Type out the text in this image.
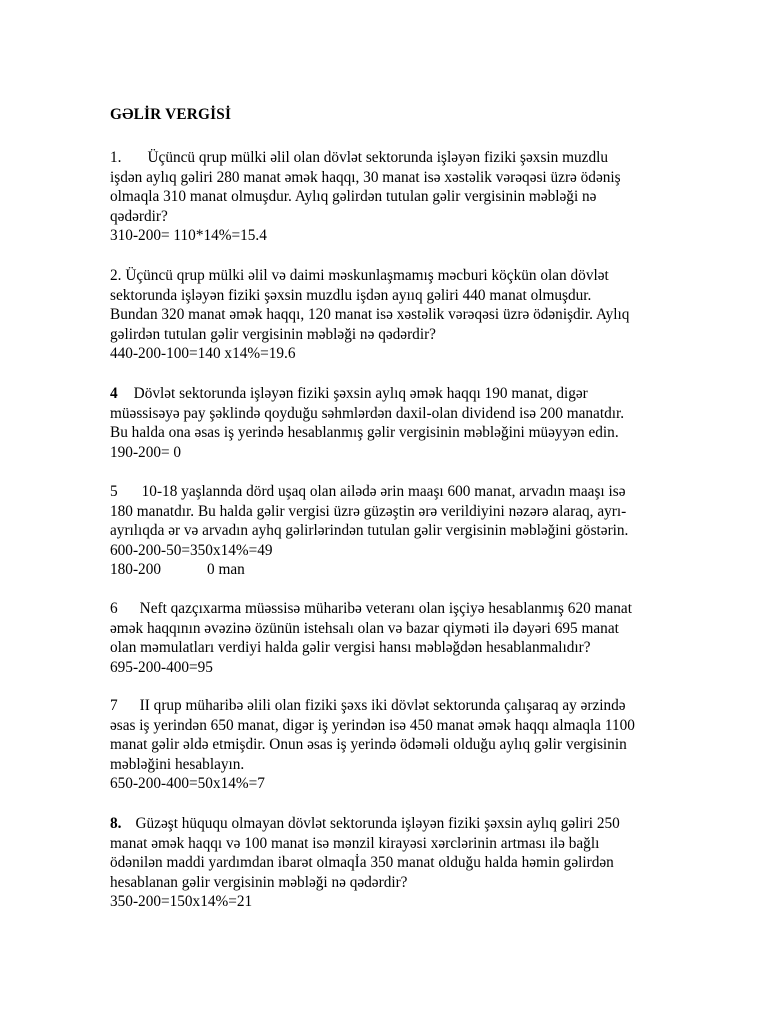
GƏLİR VERGİSİ
1. Üçüncü qrup mülki əlil olan dövlət sektorunda işləyən fiziki şəxsin muzdlu
işdən aylıq gəliri 280 manat əmək haqqı, 30 manat isə xəstəlik vərəqəsi üzrə ödəniş
olmaqla 310 manat olmuşdur. Aylıq gəlirdən tutulan gəlir vergisinin məbləği nə
qədərdir?
310-200= 110*14%=15.4
2. Üçüncü qrup mülki əlil və daimi məskunlaşmamış məcburi köçkün olan dövlət
sektorunda işləyən fiziki şəxsin muzdlu işdən ayııq gəliri 440 manat olmuşdur.
Bundan 320 manat əmək haqqı, 120 manat isə xəstəlik vərəqəsi üzrə ödənişdir. Aylıq
gəlirdən tutulan gəlir vergisinin məbləği nə qədərdir?
440-200-100=140 x14%=19.6
4 Dövlət sektorunda işləyən fiziki şəxsin aylıq əmək haqqı 190 manat, digər
müəssisəyə pay şəklində qoyduğu səhmlərdən daxil-olan dividend isə 200 manatdır.
Bu halda ona əsas iş yerində hesablanmış gəlir vergisinin məbləğini müəyyən edin.
190-200= 0
5 10-18 yaşlannda dörd uşaq olan ailədə ərin maaşı 600 manat, arvadın maaşı isə
180 manatdır. Bu halda gəlir vergisi üzrə güzəştin ərə verildiyini nəzərə alaraq, ayrı-
ayrılıqda ər və arvadın ayhq gəlirlərindən tutulan gəlir vergisinin məbləğini göstərin.
600-200-50=350x14%=49
180-200	0 man
6 Neft qazçıxarma müəssisə müharibə veteranı olan işçiyə hesablanmış 620 manat
əmək haqqının əvəzinə özünün istehsalı olan və bazar qiyməti ilə dəyəri 695 manat
olan məmulatları verdiyi halda gəlir vergisi hansı məbləğdən hesablanmalıdır?
695-200-400=95
7 II qrup müharibə əlili olan fiziki şəxs iki dövlət sektorunda çalışaraq ay ərzində
əsas iş yerindən 650 manat, digər iş yerindən isə 450 manat əmək haqqı almaqla 1100
manat gəlir əldə etmişdir. Onun əsas iş yerində ödəməli olduğu aylıq gəlir vergisinin
məbləğini hesablayın.
650-200-400=50x14%=7
8. Güzəşt hüququ olmayan dövlət sektorunda işləyən fiziki şəxsin aylıq gəliri 250
manat əmək haqqı və 100 manat isə mənzil kirayəsi xərclərinin artması ilə bağlı
ödənilən maddi yardımdan ibarət olmaqİa 350 manat olduğu halda həmin gəlirdən
hesablanan gəlir vergisinin məbləği nə qədərdir?
350-200=150x14%=21
